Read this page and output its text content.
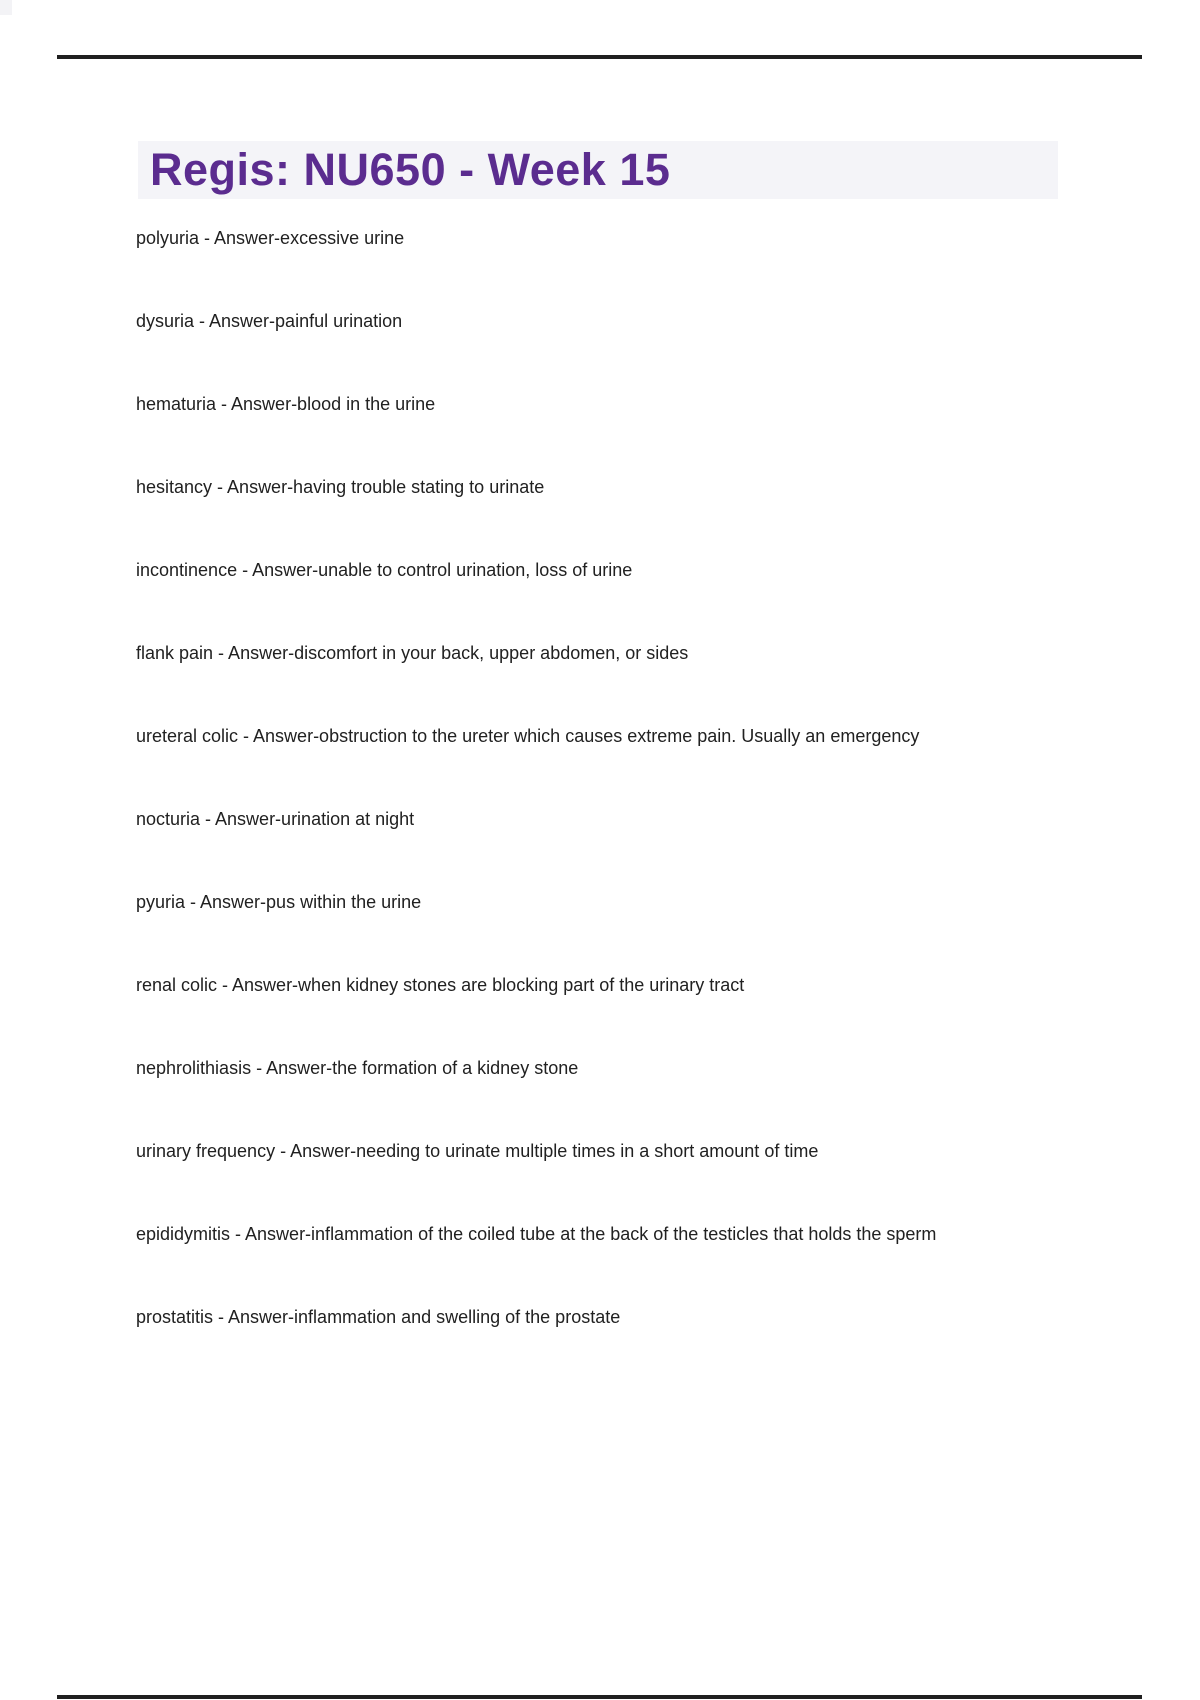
Regis: NU650 - Week 15

polyuria - Answer-excessive urine

dysuria - Answer-painful urination

hematuria - Answer-blood in the urine

hesitancy - Answer-having trouble stating to urinate

incontinence - Answer-unable to control urination, loss of urine

flank pain - Answer-discomfort in your back, upper abdomen, or sides

ureteral colic - Answer-obstruction to the ureter which causes extreme pain. Usually an emergency

nocturia - Answer-urination at night

pyuria - Answer-pus within the urine

renal colic - Answer-when kidney stones are blocking part of the urinary tract

nephrolithiasis - Answer-the formation of a kidney stone

urinary frequency - Answer-needing to urinate multiple times in a short amount of time

epididymitis - Answer-inflammation of the coiled tube at the back of the testicles that holds the sperm

prostatitis - Answer-inflammation and swelling of the prostate
